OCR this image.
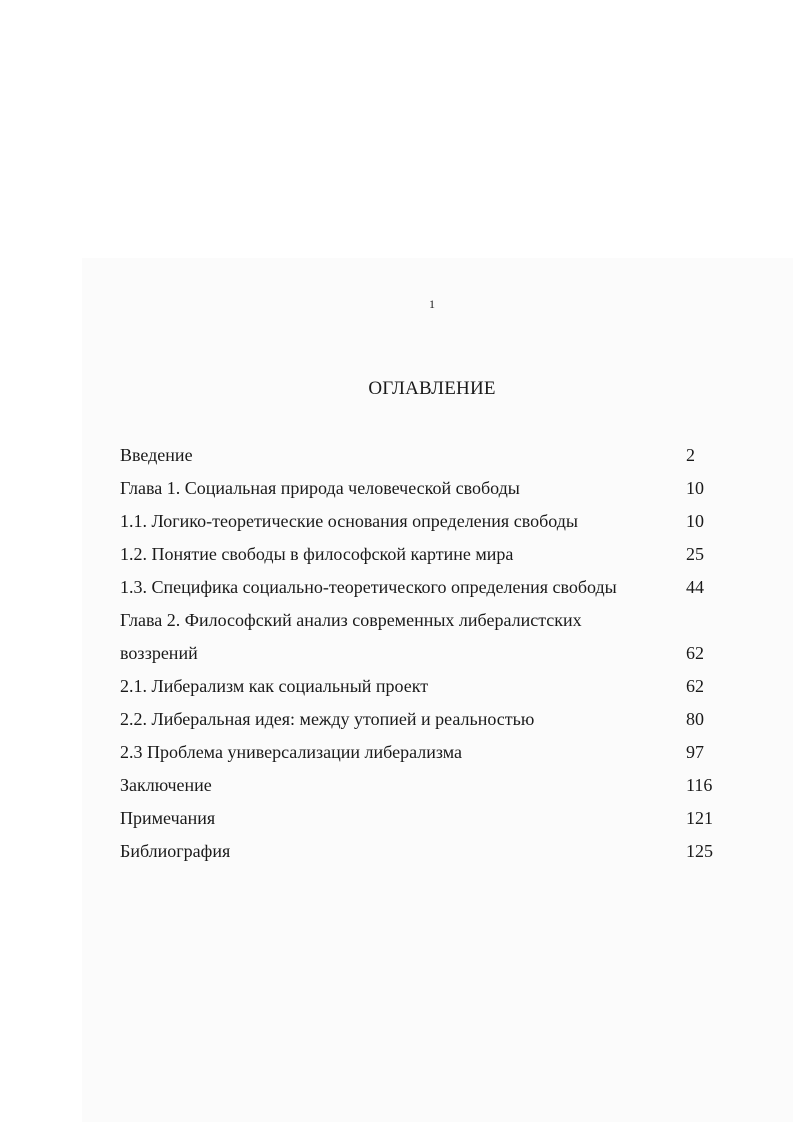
1
ОГЛАВЛЕНИЕ
Введение	2
Глава 1. Социальная природа человеческой свободы	10
1.1. Логико-теоретические основания определения свободы	10
1.2. Понятие свободы в философской картине мира	25
1.3. Специфика социально-теоретического определения свободы	44
Глава 2. Философский анализ современных либералистских
воззрений	62
2.1. Либерализм как социальный проект	62
2.2. Либеральная идея: между утопией и реальностью	80
2.3 Проблема универсализации либерализма	97
Заключение	116
Примечания	121
Библиография	125
